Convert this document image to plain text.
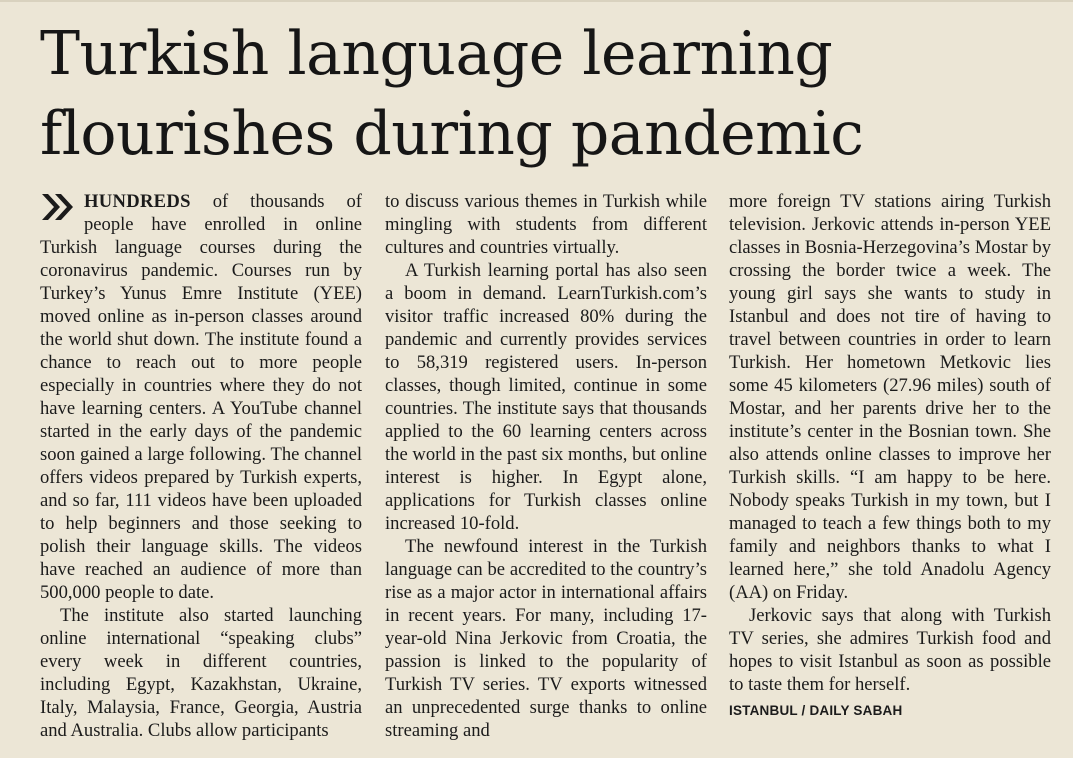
Turkish language learning
flourishes during pandemic

HUNDREDS of thousands of people have enrolled in online Turkish language courses during the coronavirus pandemic. Courses run by Turkey’s Yunus Emre Institute (YEE) moved online as in-person classes around the world shut down. The institute found a chance to reach out to more people especially in countries where they do not have learning centers. A YouTube channel started in the early days of the pandemic soon gained a large following. The channel offers videos prepared by Turkish experts, and so far, 111 videos have been uploaded to help beginners and those seeking to polish their language skills. The videos have reached an audience of more than 500,000 people to date.

The institute also started launching online international “speaking clubs” every week in different countries, including Egypt, Kazakhstan, Ukraine, Italy, Malaysia, France, Georgia, Austria and Australia. Clubs allow participants

to discuss various themes in Turkish while mingling with students from different cultures and countries virtually.

A Turkish learning portal has also seen a boom in demand. LearnTurkish.com’s visitor traffic increased 80% during the pandemic and currently provides services to 58,319 registered users. In-person classes, though limited, continue in some countries. The institute says that thousands applied to the 60 learning centers across the world in the past six months, but online interest is higher. In Egypt alone, applications for Turkish classes online increased 10-fold.

The newfound interest in the Turkish language can be accredited to the country’s rise as a major actor in international affairs in recent years. For many, including 17-year-old Nina Jerkovic from Croatia, the passion is linked to the popularity of Turkish TV series. TV exports witnessed an unprecedented surge thanks to online streaming and

more foreign TV stations airing Turkish television. Jerkovic attends in-person YEE classes in Bosnia-Herzegovina’s Mostar by crossing the border twice a week. The young girl says she wants to study in Istanbul and does not tire of having to travel between countries in order to learn Turkish. Her hometown Metkovic lies some 45 kilometers (27.96 miles) south of Mostar, and her parents drive her to the institute’s center in the Bosnian town. She also attends online classes to improve her Turkish skills. “I am happy to be here. Nobody speaks Turkish in my town, but I managed to teach a few things both to my family and neighbors thanks to what I learned here,” she told Anadolu Agency (AA) on Friday.

Jerkovic says that along with Turkish TV series, she admires Turkish food and hopes to visit Istanbul as soon as possible to taste them for herself.

ISTANBUL / DAILY SABAH
